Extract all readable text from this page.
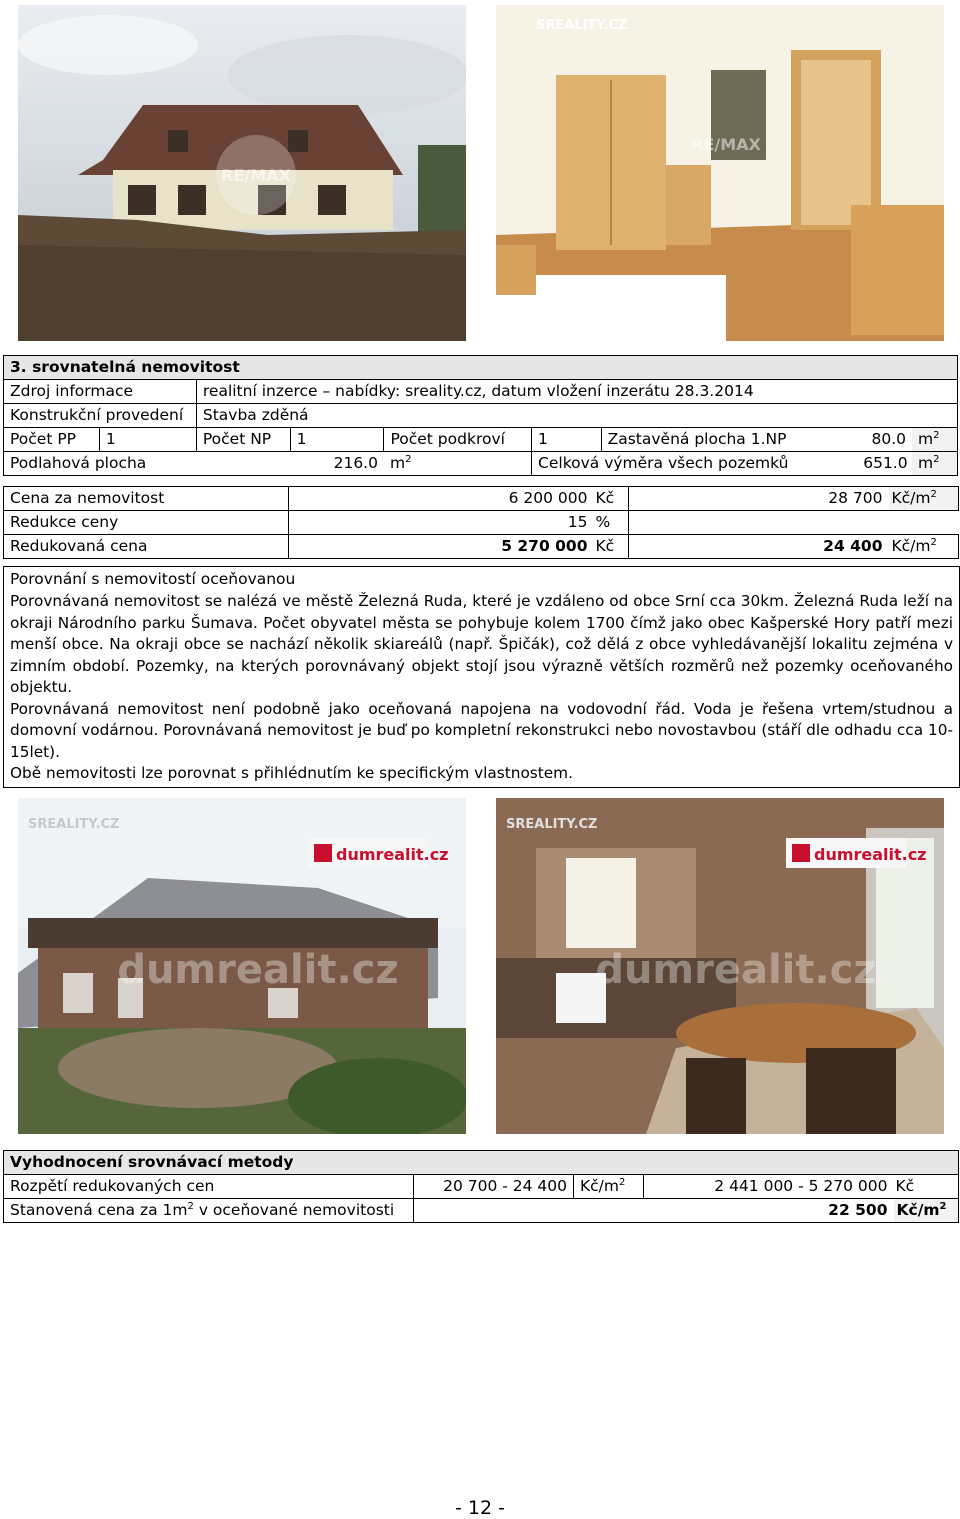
RE/MAX
SREALITY.CZ
RE/MAX
3. srovnatelná nemovitost								
Zdroj informace		realitní inzerce – nabídky: sreality.cz, datum vložení inzerátu 28.3.2014						
Konstrukční provedení		Stavba zděná						
Počet PP	1	Počet NP	1	Počet podkroví	1	Zastavěná plocha 1.NP	80.0	$m^2$
Podlahová plocha			216.0	$m^2$	Celková výměra všech pozemků		651.0	$m^2$
Cena za nemovitost	6 200 000	Kč	28 700	$Kč/m^2$
Redukce ceny	15	%		
Redukovaná cena	5 270 000	Kč	24 400	$Kč/m^2$
Porovnání s nemovitostí oceňovanou

Porovnávaná nemovitost se nalézá ve městě Železná Ruda, které je vzdáleno od obce Srní cca 30km. Železná Ruda leží na okraji Národního parku Šumava. Počet obyvatel města se pohybuje kolem 1700 čímž jako obec Kašperské Hory patří mezi menší obce. Na okraji obce se nachází několik skiareálů (např. Špičák), což dělá z obce vyhledávanější lokalitu zejména v zimním období. Pozemky, na kterých porovnávaný objekt stojí jsou výrazně větších rozměrů než pozemky oceňovaného objektu.

Porovnávaná nemovitost není podobně jako oceňovaná napojena na vodovodní řád. Voda je řešena vrtem/studnou a domovní vodárnou. Porovnávaná nemovitost je buď po kompletní rekonstrukci nebo novostavbou (stáří dle odhadu cca 10-15let).

Obě nemovitosti lze porovnat s přihlédnutím ke specifickým vlastnostem.

dumrealit.cz
SREALITY.CZ
dumrealit.cz
dumrealit.cz
SREALITY.CZ
dumrealit.cz
Vyhodnocení srovnávací metody				
Rozpětí redukovaných cen	20 700 - 24 400	$Kč/m^2$	2 441 000 - 5 270 000	Kč
Stanovená cena za $1m^2$ v oceňované nemovitosti	22 500			$Kč/m^2$
- 12 -
